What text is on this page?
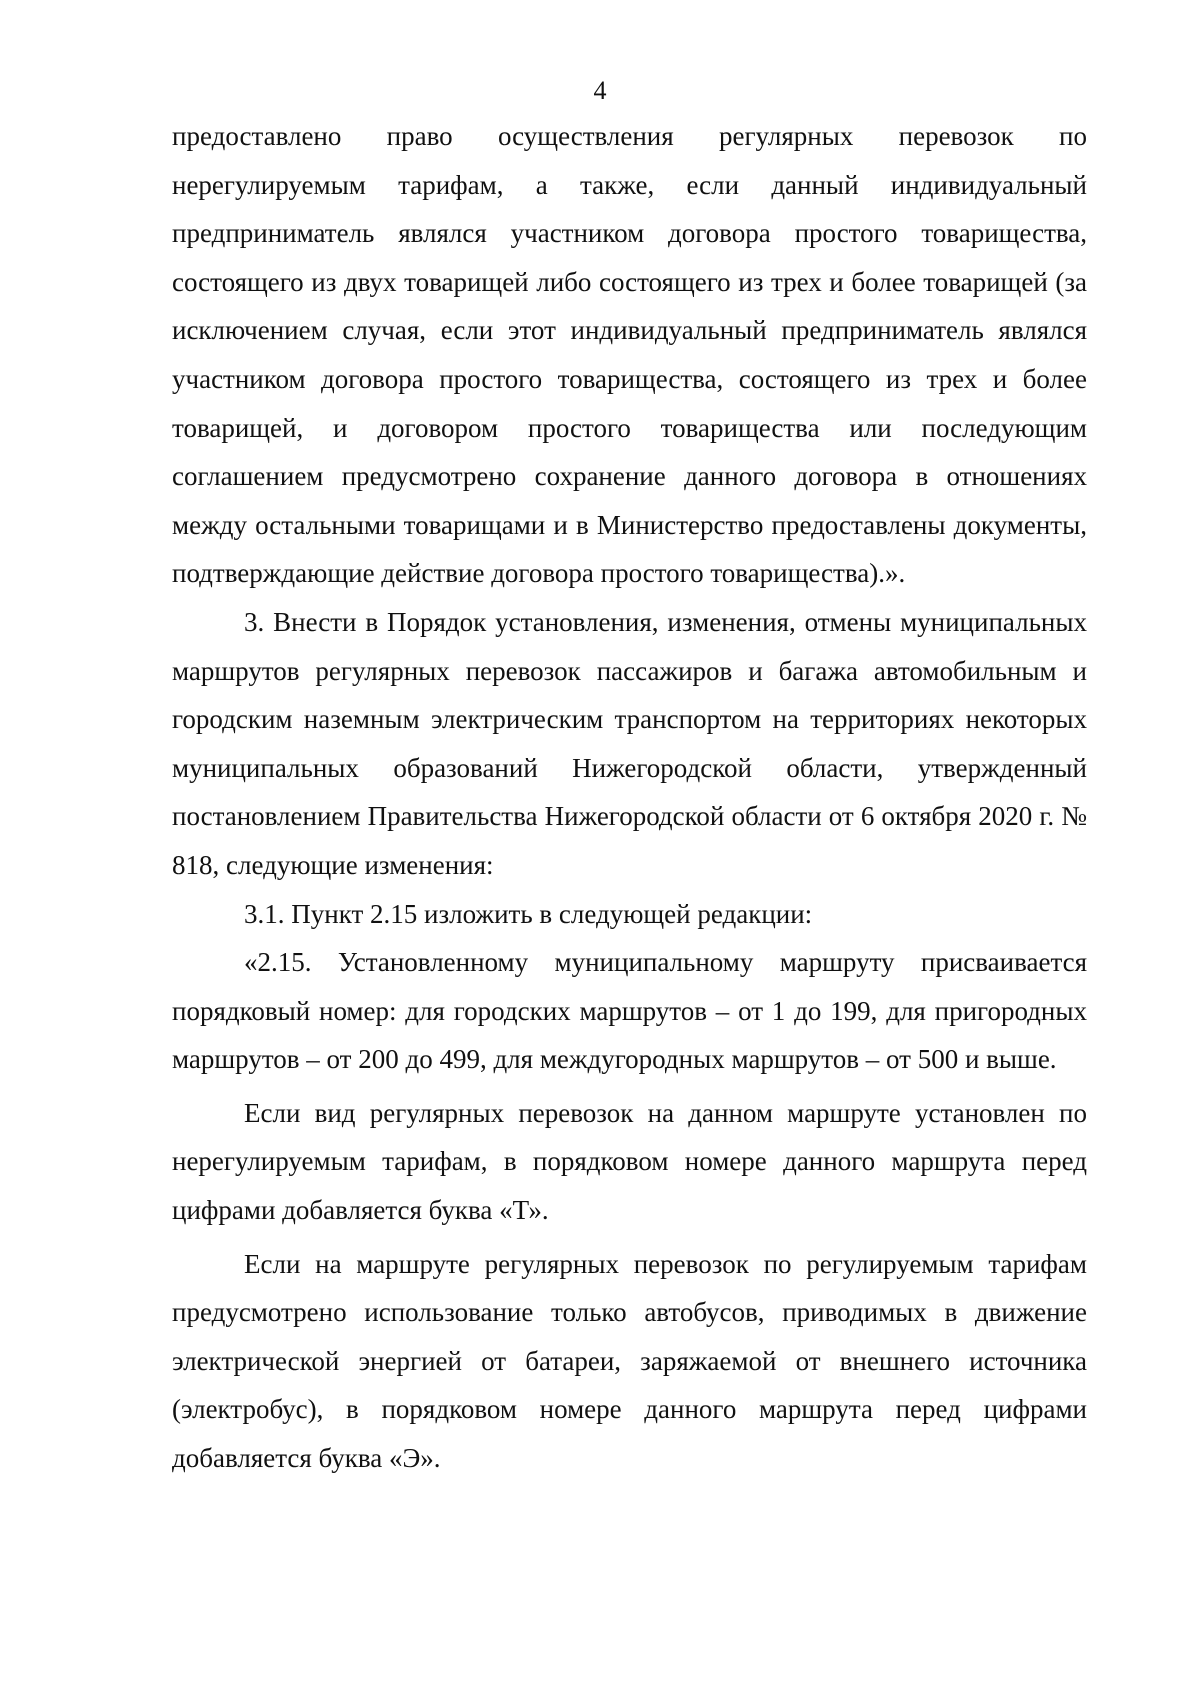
4

предоставлено право осуществления регулярных перевозок по нерегулируемым тарифам, а также, если данный индивидуальный предприниматель являлся участником договора простого товарищества, состоящего из двух товарищей либо состоящего из трех и более товарищей (за исключением случая, если этот индивидуальный предприниматель являлся участником договора простого товарищества, состоящего из трех и более товарищей, и договором простого товарищества или последующим соглашением предусмотрено сохранение данного договора в отношениях между остальными товарищами и в Министерство предоставлены документы, подтверждающие действие договора простого товарищества).».

3. Внести в Порядок установления, изменения, отмены муниципальных маршрутов регулярных перевозок пассажиров и багажа автомобильным и городским наземным электрическим транспортом на территориях некоторых муниципальных образований Нижегородской области, утвержденный постановлением Правительства Нижегородской области от 6 октября 2020 г. № 818, следующие изменения:

3.1. Пункт 2.15 изложить в следующей редакции:

«2.15. Установленному муниципальному маршруту присваивается порядковый номер: для городских маршрутов – от 1 до 199, для пригородных маршрутов – от 200 до 499, для междугородных маршрутов – от 500 и выше.

Если вид регулярных перевозок на данном маршруте установлен по нерегулируемым тарифам, в порядковом номере данного маршрута перед цифрами добавляется буква «Т».

Если на маршруте регулярных перевозок по регулируемым тарифам предусмотрено использование только автобусов, приводимых в движение электрической энергией от батареи, заряжаемой от внешнего источника (электробус), в порядковом номере данного маршрута перед цифрами добавляется буква «Э».
